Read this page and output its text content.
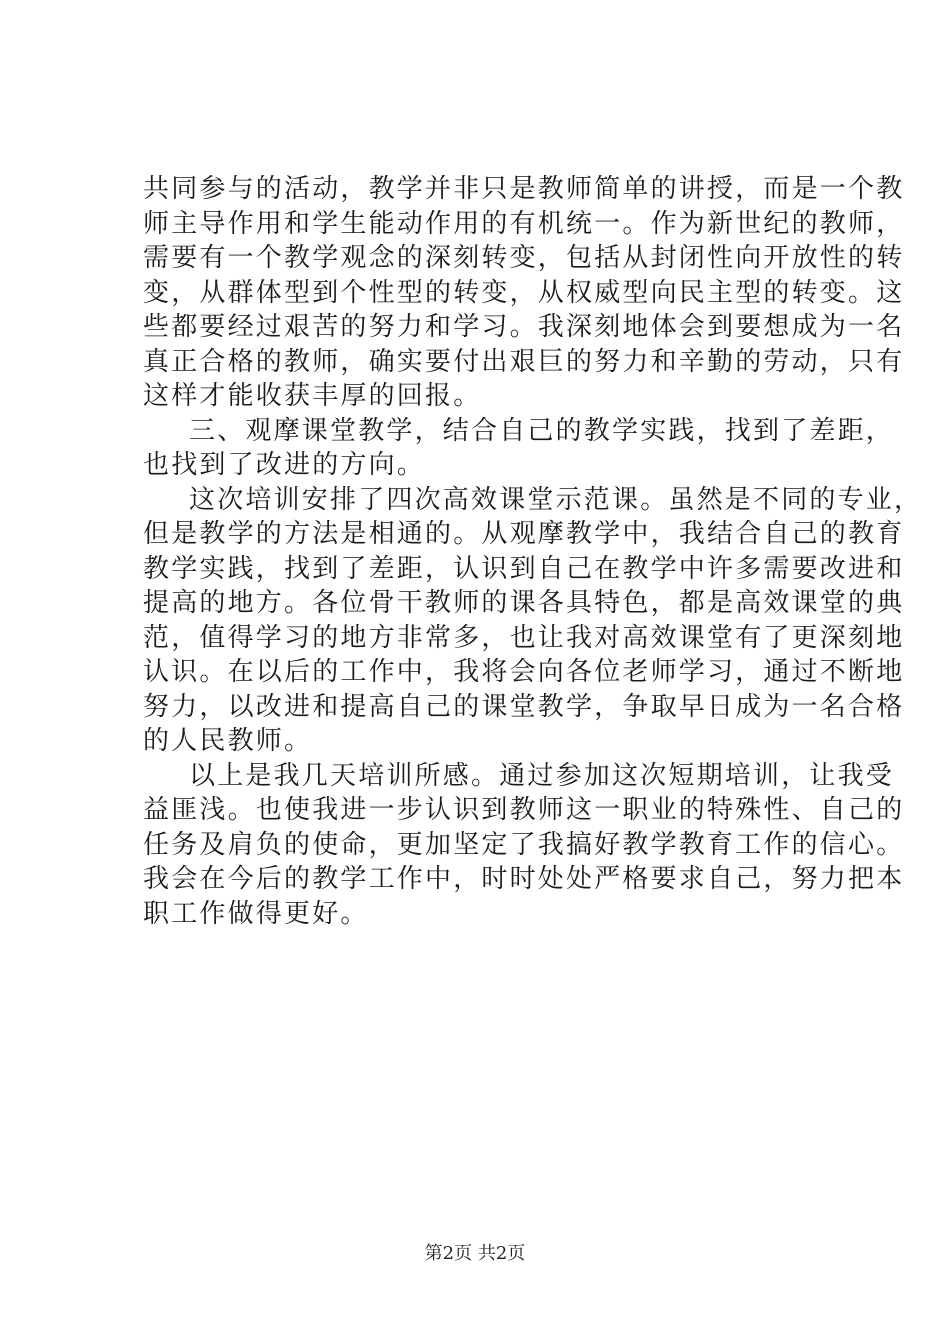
共同参与的活动，教学并非只是教师简单的讲授，而是一个教
师主导作用和学生能动作用的有机统一。作为新世纪的教师，
需要有一个教学观念的深刻转变，包括从封闭性向开放性的转
变，从群体型到个性型的转变，从权威型向民主型的转变。这
些都要经过艰苦的努力和学习。我深刻地体会到要想成为一名
真正合格的教师，确实要付出艰巨的努力和辛勤的劳动，只有
这样才能收获丰厚的回报。
三、观摩课堂教学，结合自己的教学实践，找到了差距，
也找到了改进的方向。
这次培训安排了四次高效课堂示范课。虽然是不同的专业，
但是教学的方法是相通的。从观摩教学中，我结合自己的教育
教学实践，找到了差距，认识到自己在教学中许多需要改进和
提高的地方。各位骨干教师的课各具特色，都是高效课堂的典
范，值得学习的地方非常多，也让我对高效课堂有了更深刻地
认识。在以后的工作中，我将会向各位老师学习，通过不断地
努力，以改进和提高自己的课堂教学，争取早日成为一名合格
的人民教师。
以上是我几天培训所感。通过参加这次短期培训，让我受
益匪浅。也使我进一步认识到教师这一职业的特殊性、自己的
任务及肩负的使命，更加坚定了我搞好教学教育工作的信心。
我会在今后的教学工作中，时时处处严格要求自己，努力把本
职工作做得更好。
第2页 共2页
